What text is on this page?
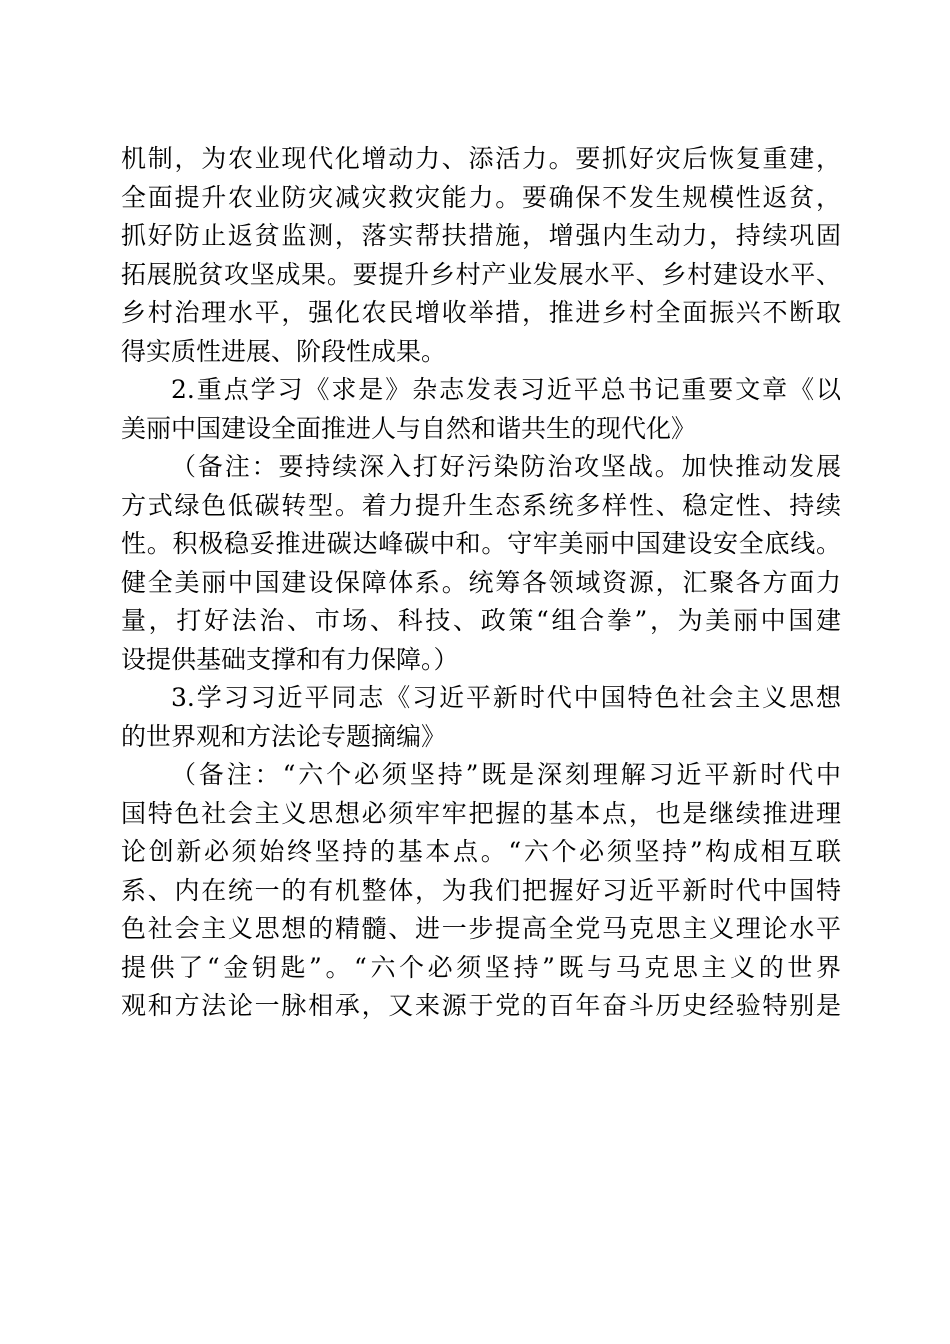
机制，为农业现代化增动力、添活力。要抓好灾后恢复重建，
全面提升农业防灾减灾救灾能力。要确保不发生规模性返贫，
抓好防止返贫监测，落实帮扶措施，增强内生动力，持续巩固
拓展脱贫攻坚成果。要提升乡村产业发展水平、乡村建设水平、
乡村治理水平，强化农民增收举措，推进乡村全面振兴不断取
得实质性进展、阶段性成果。
2.重点学习《求是》杂志发表习近平总书记重要文章《以
美丽中国建设全面推进人与自然和谐共生的现代化》
（备注：要持续深入打好污染防治攻坚战。加快推动发展
方式绿色低碳转型。着力提升生态系统多样性、稳定性、持续
性。积极稳妥推进碳达峰碳中和。守牢美丽中国建设安全底线。
健全美丽中国建设保障体系。统筹各领域资源，汇聚各方面力
量，打好法治、市场、科技、政策“组合拳”，为美丽中国建
设提供基础支撑和有力保障。）
3.学习习近平同志《习近平新时代中国特色社会主义思想
的世界观和方法论专题摘编》
（备注：“六个必须坚持”既是深刻理解习近平新时代中
国特色社会主义思想必须牢牢把握的基本点，也是继续推进理
论创新必须始终坚持的基本点。“六个必须坚持”构成相互联
系、内在统一的有机整体，为我们把握好习近平新时代中国特
色社会主义思想的精髓、进一步提高全党马克思主义理论水平
提供了“金钥匙”。“六个必须坚持”既与马克思主义的世界
观和方法论一脉相承，又来源于党的百年奋斗历史经验特别是
